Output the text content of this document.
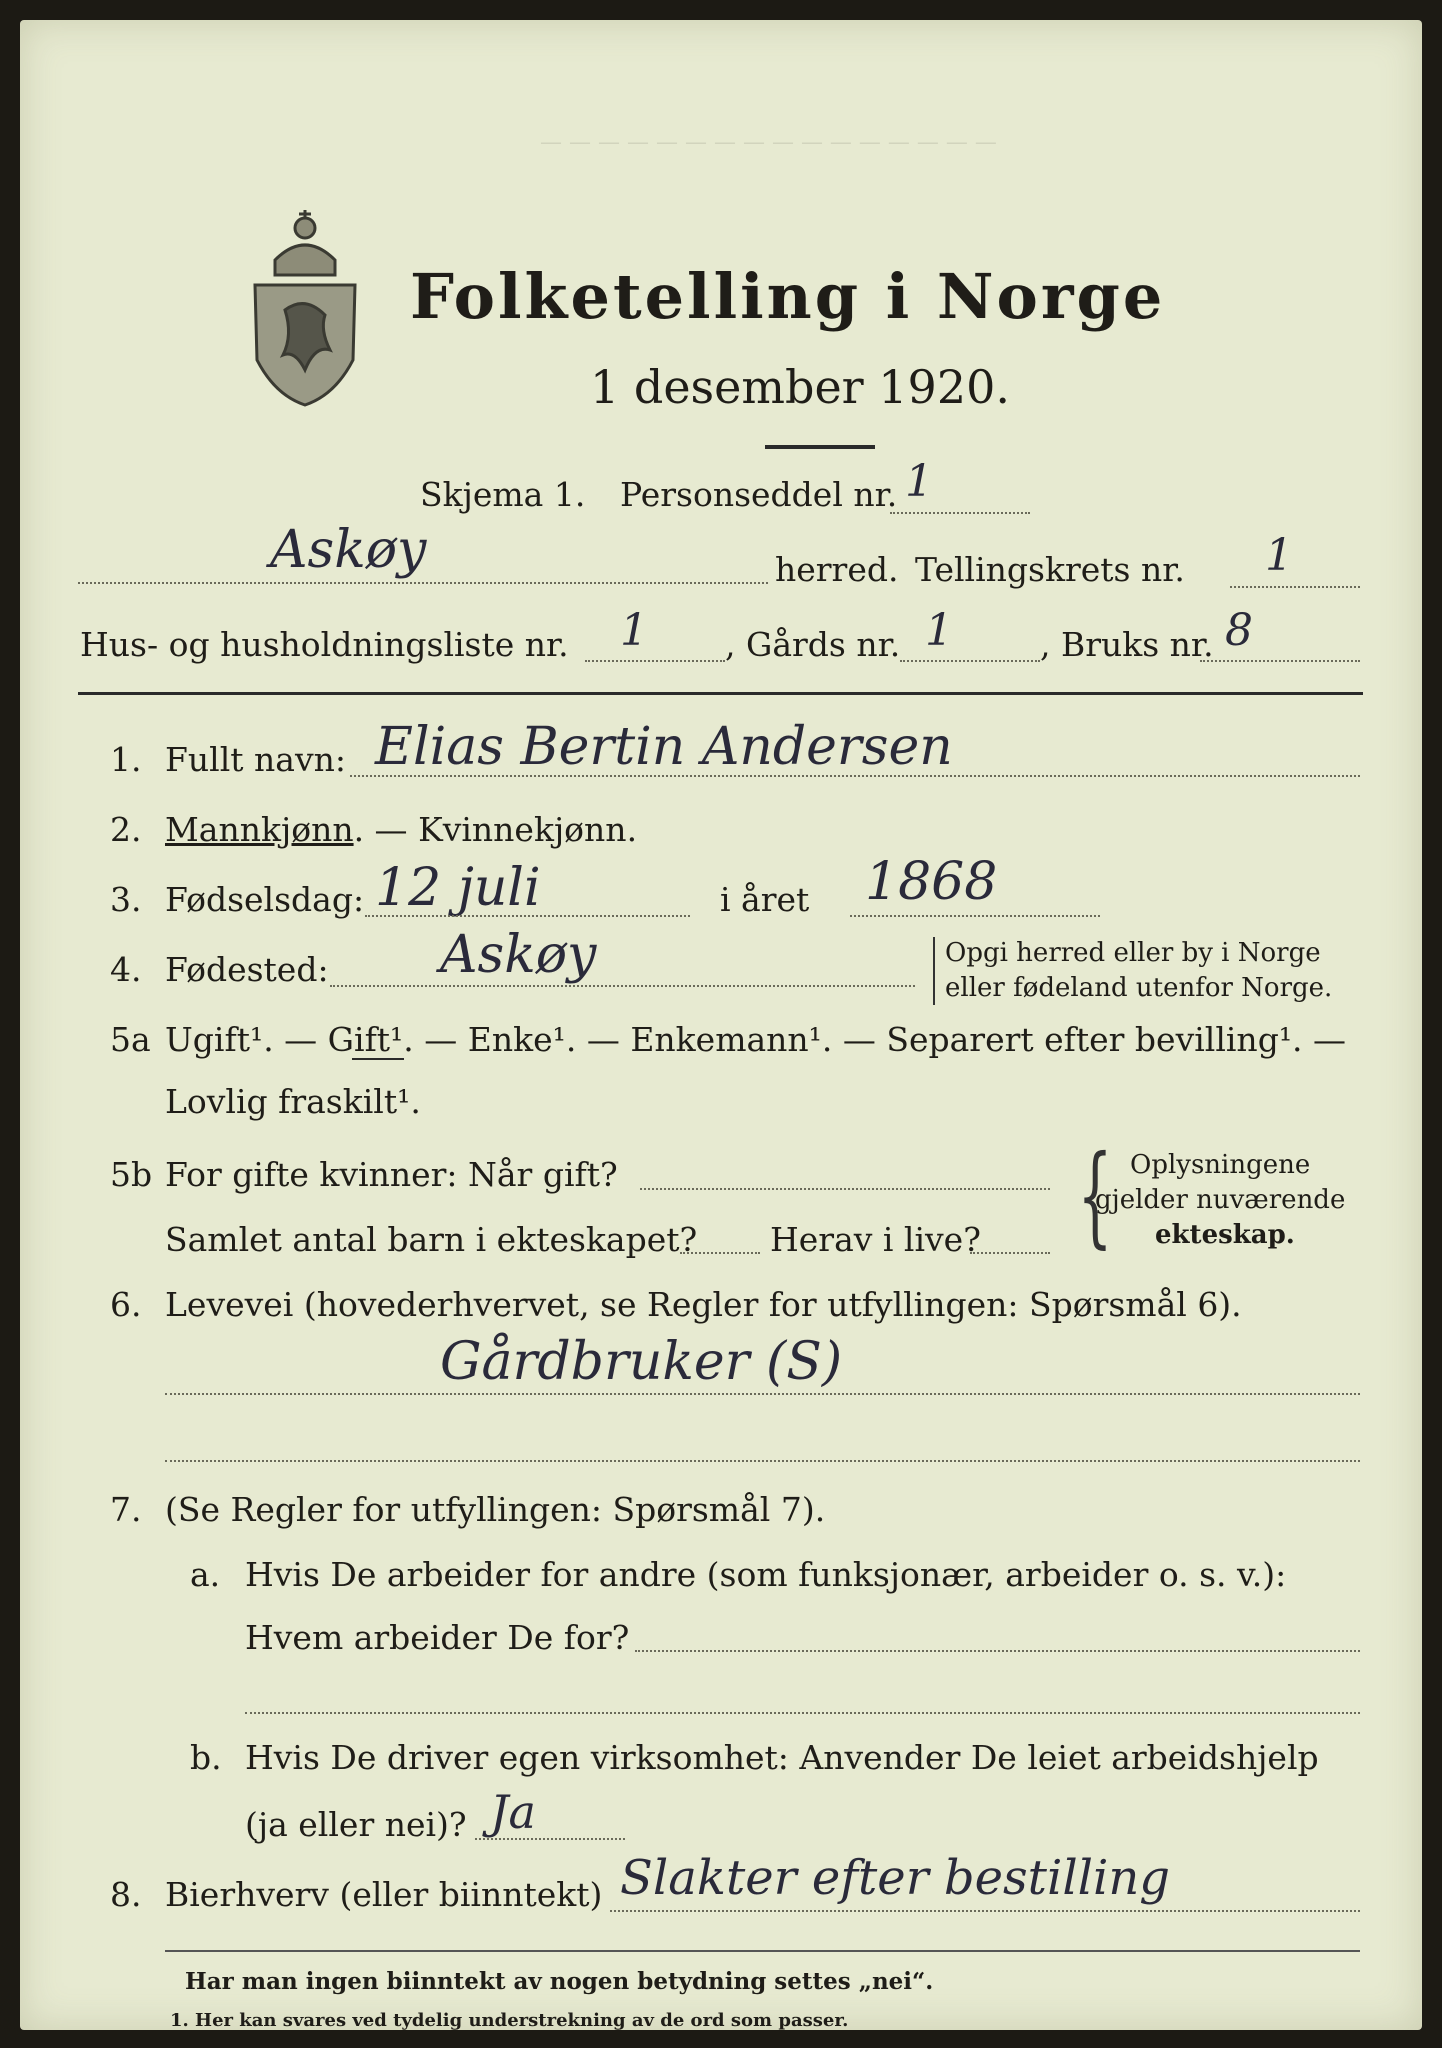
— — — — — — — — — — — — — — — —
Folketelling i Norge
1 desember 1920.
Skjema 1. Personseddel nr. 1
Askøy	herred. Tellingskrets nr. 1
Hus- og husholdningsliste nr. 1 , Gårds nr. 1	, Bruks nr. 8
1. Fullt navn: Elias Bertin Andersen
2. Mannkjønn. — Kvinnekjønn.
3. Fødselsdag: 12 juli	i året 1868
4. Fødested: Askøy	Opgi herred eller by i Norge
eller fødeland utenfor Norge.
5a Ugift¹. — Gift¹. — Enke¹. — Enkemann¹. — Separert efter bevilling¹. —
Lovlig fraskilt¹.
5b For gifte kvinner: Når gift?
Samlet antal barn i ekteskapet? Herav i live? { Oplysningene
gjelder nuværende
ekteskap.
6. Levevei (hovederhvervet, se Regler for utfyllingen: Spørsmål 6).
Gårdbruker (S)
7. (Se Regler for utfyllingen: Spørsmål 7).
a. Hvis De arbeider for andre (som funksjonær, arbeider o. s. v.):
Hvem arbeider De for?
b. Hvis De driver egen virksomhet: Anvender De leiet arbeidshjelp
(ja eller nei)? Ja
8. Bierhverv (eller biinntekt) Slakter efter bestilling
Har man ingen biinntekt av nogen betydning settes „nei“.
1. Her kan svares ved tydelig understrekning av de ord som passer.
